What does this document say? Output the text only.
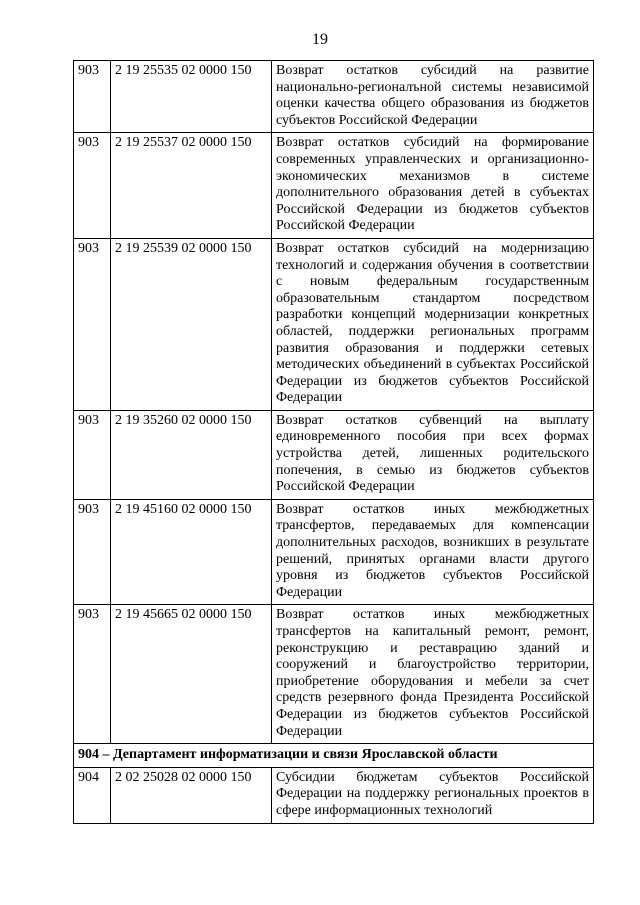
19
903	2 19 25535 02 0000 150	Возврат остатков субсидий на развитие национально-регионалъной системы независимой оценки качества общего образования из бюджетов субъектов Российской Федерации
903	2 19 25537 02 0000 150	Возврат остатков субсидий на формирование современных управленческих и организационно-экономических механизмов в системе дополнительного образования детей в субъектах Российской Федерации из бюджетов субъектов Российской Федерации
903	2 19 25539 02 0000 150	Возврат остатков субсидий на модернизацию технологий и содержания обучения в соответствии с новым федеральным государственным образовательным стандартом посредством разработки концепций модернизации конкретных областей, поддержки региональных программ развития образования и поддержки сетевых методических объединений в субъектах Российской Федерации из бюджетов субъектов Российской Федерации
903	2 19 35260 02 0000 150	Возврат остатков субвенций на выплату единовременного пособия при всех формах устройства детей, лишенных родительского попечения, в семью из бюджетов субъектов Российской Федерации
903	2 19 45160 02 0000 150	Возврат остатков иных межбюджетных трансфертов, передаваемых для компенсации дополнительных расходов, возникших в результате решений, принятых органами власти другого уровня из бюджетов субъектов Российской Федерации
903	2 19 45665 02 0000 150	Возврат остатков иных межбюджетных трансфертов на капитальный ремонт, ремонт, реконструкцию и реставрацию зданий и сооружений и благоустройство территории, приобретение оборудования и мебели за счет средств резервного фонда Президента Российской Федерации из бюджетов субъектов Российской Федерации
904 – Департамент информатизации и связи Ярославской области		
904	2 02 25028 02 0000 150	Субсидии бюджетам субъектов Российской Федерации на поддержку региональных проектов в сфере информационных технологий
